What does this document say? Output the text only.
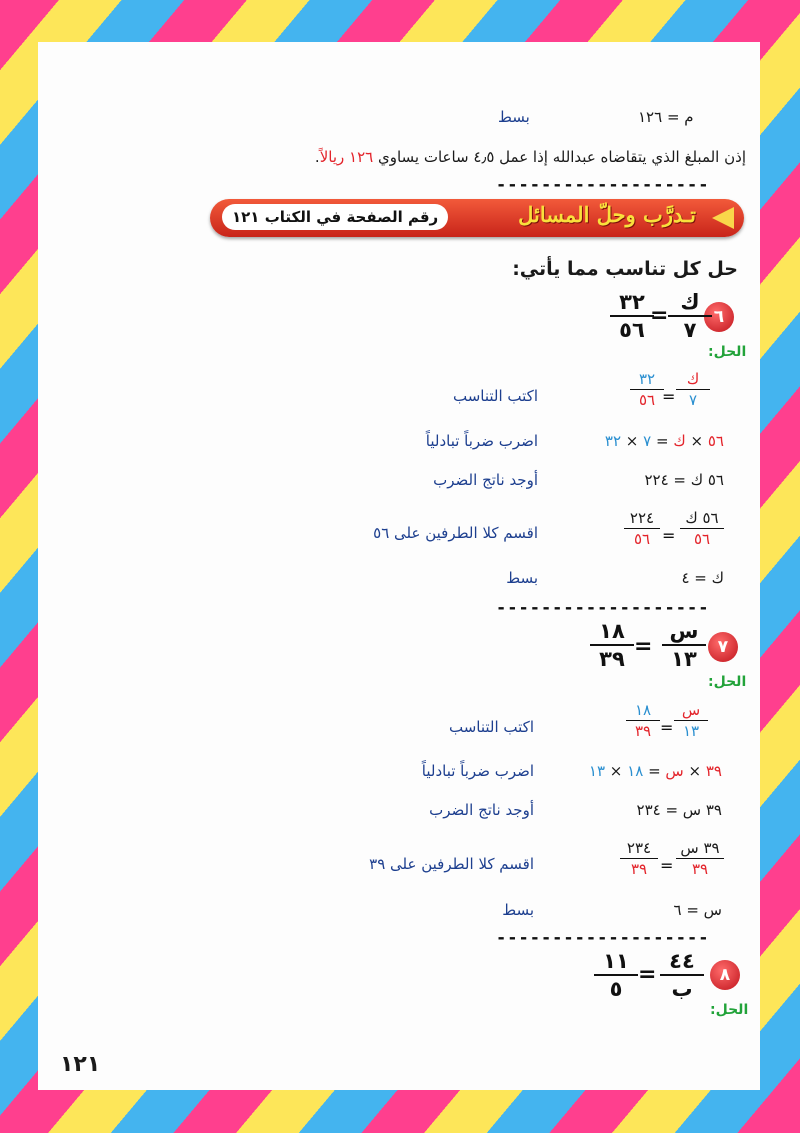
بسط	م = ١٢٦
إذن المبلغ الذي يتقاضاه عبدالله إذا عمل ٤٫٥ ساعات يساوي ١٢٦ ريالاً.
-------------------
رقم الصفحة في الكتاب ١٢١	تـدرَّب وحلّ المسائل
حل كل تناسب مما يأتي:
٦
ك
٧
=
٣٢
٥٦
الحل:
ك
٧
=
٣٢
٥٦
اكتب التناسب
٥٦ × ك = ٧ × ٣٢
اضرب ضرباً تبادلياً
٥٦ ك = ٢٢٤
أوجد ناتج الضرب
٥٦ ك
٥٦
=
٢٢٤
٥٦
اقسم كلا الطرفين على ٥٦
ك = ٤
بسط
-------------------
٧
س
١٣
=
١٨
٣٩
الحل:
س
١٣
=
١٨
٣٩
اكتب التناسب
٣٩ × س = ١٨ × ١٣
اضرب ضرباً تبادلياً
٣٩ س = ٢٣٤
أوجد ناتج الضرب
٣٩ س
٣٩
=
٢٣٤
٣٩
اقسم كلا الطرفين على ٣٩
س = ٦
بسط
-------------------
٨
٤٤
ب
=
١١
٥
الحل:
١٢١
